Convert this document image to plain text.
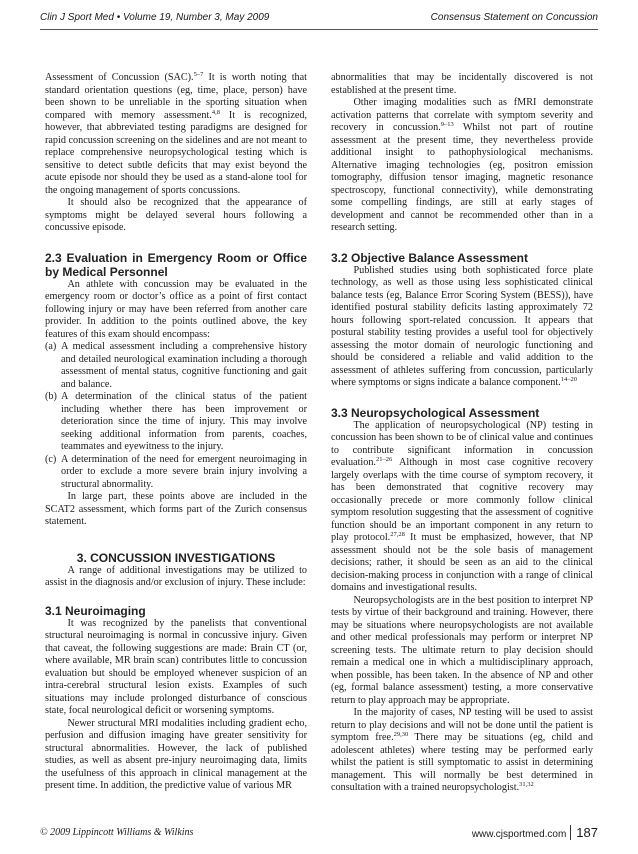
Clin J Sport Med • Volume 19, Number 3, May 2009	Consensus Statement on Concussion

Assessment of Concussion (SAC).$^{5-7}$ It is worth noting that standard orientation questions (eg, time, place, person) have been shown to be unreliable in the sporting situation when compared with memory assessment.$^{4,8}$ It is recognized, however, that abbreviated testing paradigms are designed for rapid concussion screening on the sidelines and are not meant to replace comprehensive neuropsychological testing which is sensitive to detect subtle deficits that may exist beyond the acute episode nor should they be used as a stand-alone tool for the ongoing management of sports concussions.

It should also be recognized that the appearance of symptoms might be delayed several hours following a concussive episode.

2.3 Evaluation in Emergency Room or Office by Medical Personnel

An athlete with concussion may be evaluated in the emergency room or doctor’s office as a point of first contact following injury or may have been referred from another care provider. In addition to the points outlined above, the key features of this exam should encompass:

(a) A medical assessment including a comprehensive history and detailed neurological examination including a thorough assessment of mental status, cognitive functioning and gait and balance.
(b) A determination of the clinical status of the patient including whether there has been improvement or deterioration since the time of injury. This may involve seeking additional information from parents, coaches, teammates and eyewitness to the injury.
(c) A determination of the need for emergent neuroimaging in order to exclude a more severe brain injury involving a structural abnormality.

In large part, these points above are included in the SCAT2 assessment, which forms part of the Zurich consensus statement.

3. CONCUSSION INVESTIGATIONS

A range of additional investigations may be utilized to assist in the diagnosis and/or exclusion of injury. These include:

3.1 Neuroimaging

It was recognized by the panelists that conventional structural neuroimaging is normal in concussive injury. Given that caveat, the following suggestions are made: Brain CT (or, where available, MR brain scan) contributes little to concussion evaluation but should be employed whenever suspicion of an intra-cerebral structural lesion exists. Examples of such situations may include prolonged disturbance of conscious state, focal neurological deficit or worsening symptoms.

Newer structural MRI modalities including gradient echo, perfusion and diffusion imaging have greater sensitivity for structural abnormalities. However, the lack of published studies, as well as absent pre-injury neuroimaging data, limits the usefulness of this approach in clinical management at the present time. In addition, the predictive value of various MR

abnormalities that may be incidentally discovered is not established at the present time.

Other imaging modalities such as fMRI demonstrate activation patterns that correlate with symptom severity and recovery in concussion.$^{9-13}$ Whilst not part of routine assessment at the present time, they nevertheless provide additional insight to pathophysiological mechanisms. Alternative imaging technologies (eg, positron emission tomography, diffusion tensor imaging, magnetic resonance spectroscopy, functional connectivity), while demonstrating some compelling findings, are still at early stages of development and cannot be recommended other than in a research setting.

3.2 Objective Balance Assessment

Published studies using both sophisticated force plate technology, as well as those using less sophisticated clinical balance tests (eg, Balance Error Scoring System (BESS)), have identified postural stability deficits lasting approximately 72 hours following sport-related concussion. It appears that postural stability testing provides a useful tool for objectively assessing the motor domain of neurologic functioning and should be considered a reliable and valid addition to the assessment of athletes suffering from concussion, particularly where symptoms or signs indicate a balance component.$^{14-20}$

3.3 Neuropsychological Assessment

The application of neuropsychological (NP) testing in concussion has been shown to be of clinical value and continues to contribute significant information in concussion evaluation.$^{21-26}$ Although in most case cognitive recovery largely overlaps with the time course of symptom recovery, it has been demonstrated that cognitive recovery may occasionally precede or more commonly follow clinical symptom resolution suggesting that the assessment of cognitive function should be an important component in any return to play protocol.$^{27,28}$ It must be emphasized, however, that NP assessment should not be the sole basis of management decisions; rather, it should be seen as an aid to the clinical decision-making process in conjunction with a range of clinical domains and investigational results.

Neuropsychologists are in the best position to interpret NP tests by virtue of their background and training. However, there may be situations where neuropsychologists are not available and other medical professionals may perform or interpret NP screening tests. The ultimate return to play decision should remain a medical one in which a multidisciplinary approach, when possible, has been taken. In the absence of NP and other (eg, formal balance assessment) testing, a more conservative return to play approach may be appropriate.

In the majority of cases, NP testing will be used to assist return to play decisions and will not be done until the patient is symptom free.$^{29,30}$ There may be situations (eg, child and adolescent athletes) where testing may be performed early whilst the patient is still symptomatic to assist in determining management. This will normally be best determined in consultation with a trained neuropsychologist.$^{31,32}$

© 2009 Lippincott Williams & Wilkins	www.cjsportmed.com 187
